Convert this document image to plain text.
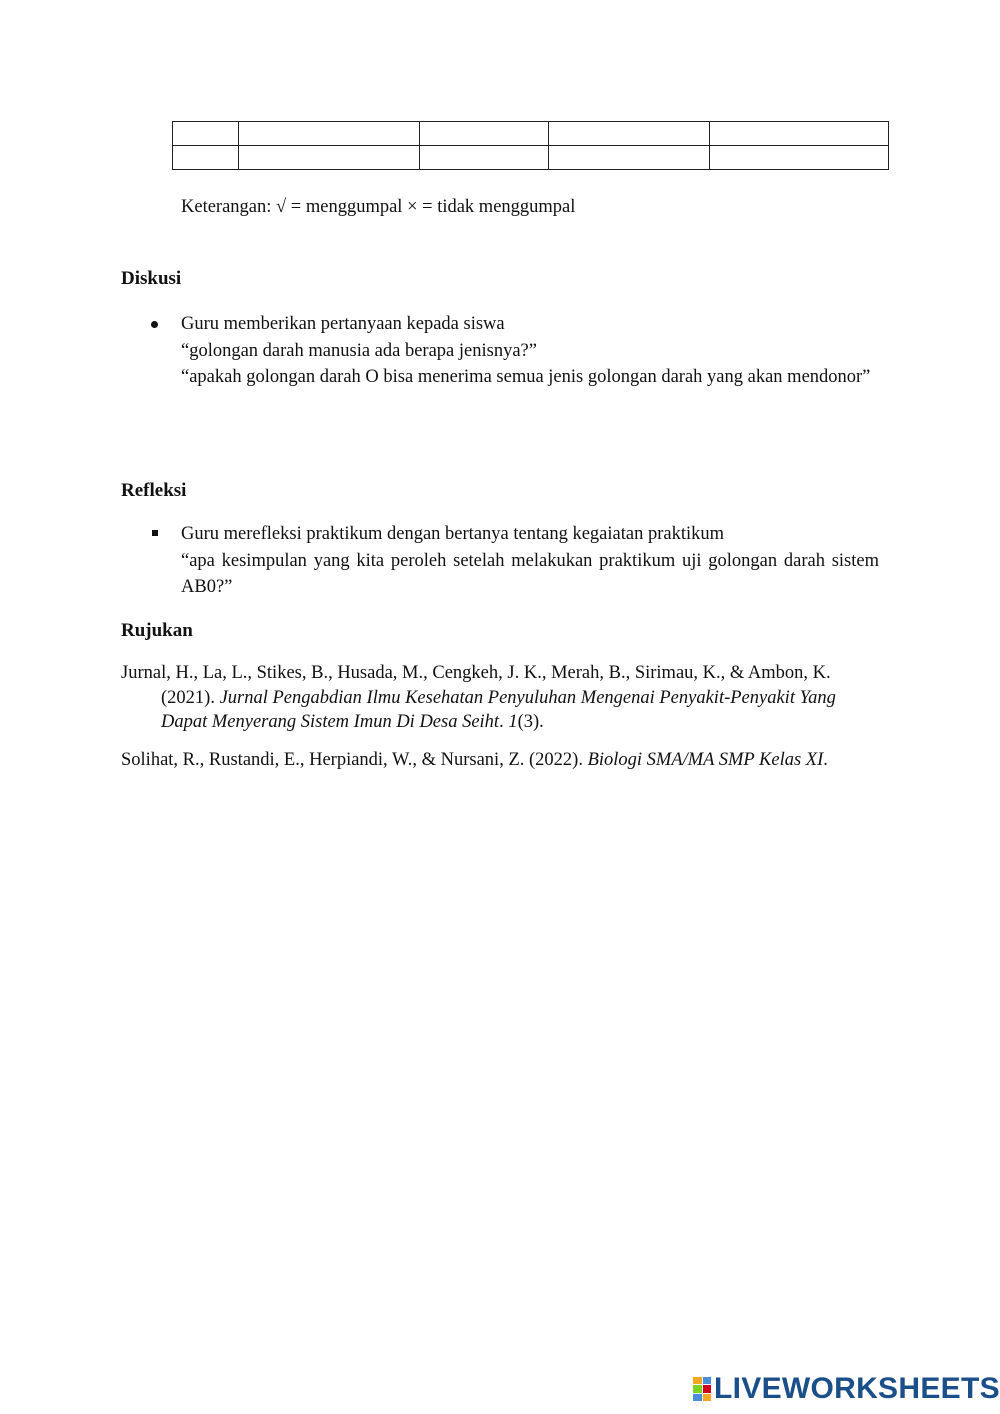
Keterangan: √ = menggumpal × = tidak menggumpal
Diskusi
Guru memberikan pertanyaan kepada siswa
“golongan darah manusia ada berapa jenisnya?”
“apakah golongan darah O bisa menerima semua jenis golongan darah yang akan mendonor”
Refleksi
Guru merefleksi praktikum dengan bertanya tentang kegaiatan praktikum
“apa kesimpulan yang kita peroleh setelah melakukan praktikum uji golongan darah sistem AB0?”
Rujukan
Jurnal, H., La, L., Stikes, B., Husada, M., Cengkeh, J. K., Merah, B., Sirimau, K., & Ambon, K. (2021). Jurnal Pengabdian Ilmu Kesehatan Penyuluhan Mengenai Penyakit-Penyakit Yang Dapat Menyerang Sistem Imun Di Desa Seiht. 1(3).
Solihat, R., Rustandi, E., Herpiandi, W., & Nursani, Z. (2022). Biologi SMA/MA SMP Kelas XI.
LIVEWORKSHEETS
